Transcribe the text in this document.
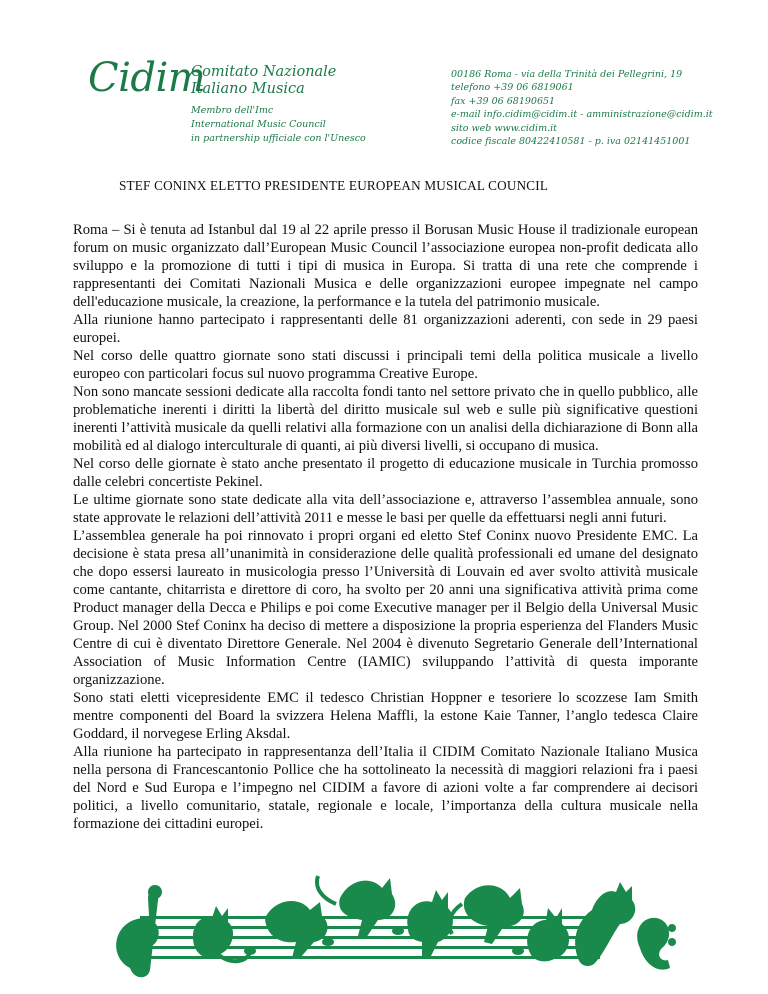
Cidim
Comitato Nazionale
Italiano Musica
Membro dell'Imc
International Music Council
in partnership ufficiale con l'Unesco
00186 Roma - via della Trinità dei Pellegrini, 19
telefono +39 06 6819061
fax +39 06 68190651
e-mail info.cidim@cidim.it - amministrazione@cidim.it
sito web www.cidim.it
codice fiscale 80422410581 - p. iva 02141451001
STEF CONINX ELETTO PRESIDENTE EUROPEAN MUSICAL COUNCIL

Roma – Si è tenuta ad Istanbul dal 19 al 22 aprile presso il Borusan Music House il tradizionale european forum on music organizzato dall’European Music Council l’associazione europea non-profit dedicata allo sviluppo e la promozione di tutti i tipi di musica in Europa. Si tratta di una rete che comprende i rappresentanti dei Comitati Nazionali Musica e delle organizzazioni europee impegnate nel campo dell'educazione musicale, la creazione, la performance e la tutela del patrimonio musicale.

Alla riunione hanno partecipato i rappresentanti delle 81 organizzazioni aderenti, con sede in 29 paesi europei.

Nel corso delle quattro giornate sono stati discussi i principali temi della politica musicale a livello europeo con particolari focus sul nuovo programma Creative Europe.

Non sono mancate sessioni dedicate alla raccolta fondi tanto nel settore privato che in quello pubblico, alle problematiche inerenti i diritti la libertà del diritto musicale sul web e sulle più significative questioni inerenti l’attività musicale da quelli relativi alla formazione con un analisi della dichiarazione di Bonn alla mobilità ed al dialogo interculturale di quanti, ai più diversi livelli, si occupano di musica.

Nel corso delle giornate è stato anche presentato il progetto di educazione musicale in Turchia promosso dalle celebri concertiste Pekinel.

Le ultime giornate sono state dedicate alla vita dell’associazione e, attraverso l’assemblea annuale, sono state approvate le relazioni dell’attività 2011 e messe le basi per quelle da effettuarsi negli anni futuri.

L’assemblea generale ha poi rinnovato i propri organi ed eletto Stef Coninx nuovo Presidente EMC. La decisione è stata presa all’unanimità in considerazione delle qualità professionali ed umane del designato che dopo essersi laureato in musicologia presso l’Università di Louvain ed aver svolto attività musicale come cantante, chitarrista e direttore di coro, ha svolto per 20 anni una significativa attività prima come Product manager della Decca e Philips e poi come Executive manager per il Belgio della Universal Music Group. Nel 2000 Stef Coninx ha deciso di mettere a disposizione la propria esperienza del Flanders Music Centre di cui è diventato Direttore Generale. Nel 2004 è divenuto Segretario Generale dell’International Association of Music Information Centre (IAMIC) sviluppando l’attività di questa imporante organizzazione.

Sono stati eletti vicepresidente EMC il tedesco Christian Hoppner e tesoriere lo scozzese Iam Smith mentre componenti del Board la svizzera Helena Maffli, la estone Kaie Tanner, l’anglo tedesca Claire Goddard, il norvegese Erling Aksdal.

Alla riunione ha partecipato in rappresentanza dell’Italia il CIDIM Comitato Nazionale Italiano Musica nella persona di Francescantonio Pollice che ha sottolineato la necessità di maggiori relazioni fra i paesi del Nord e Sud Europa e l’impegno nel CIDIM a favore di azioni volte a far comprendere ai decisori politici, a livello comunitario, statale, regionale e locale, l’importanza della cultura musicale nella formazione dei cittadini europei.
